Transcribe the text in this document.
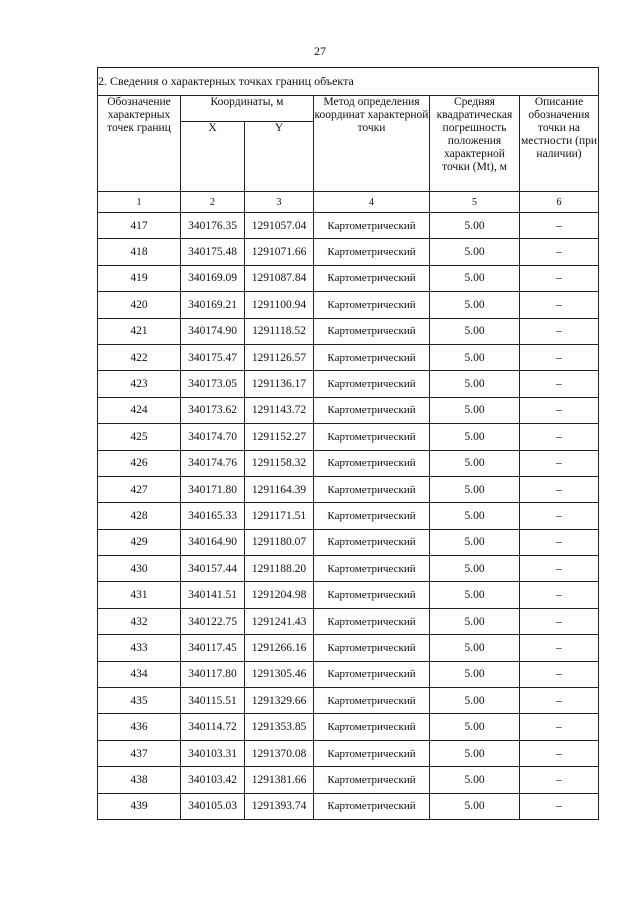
27
2. Сведения о характерных точках границ объекта					
Обозначение характерных точек границ	Координаты, м		Метод определения координат характерной точки	Средняя квадратическая погрешность положения характерной точки (Mt), м	Описание обозначения точки на местности (при наличии)
	X	Y			
1	2	3	4	5	6
417	340176.35	1291057.04	Картометрический	5.00	–
418	340175.48	1291071.66	Картометрический	5.00	–
419	340169.09	1291087.84	Картометрический	5.00	–
420	340169.21	1291100.94	Картометрический	5.00	–
421	340174.90	1291118.52	Картометрический	5.00	–
422	340175.47	1291126.57	Картометрический	5.00	–
423	340173.05	1291136.17	Картометрический	5.00	–
424	340173.62	1291143.72	Картометрический	5.00	–
425	340174.70	1291152.27	Картометрический	5.00	–
426	340174.76	1291158.32	Картометрический	5.00	–
427	340171.80	1291164.39	Картометрический	5.00	–
428	340165.33	1291171.51	Картометрический	5.00	–
429	340164.90	1291180.07	Картометрический	5.00	–
430	340157.44	1291188.20	Картометрический	5.00	–
431	340141.51	1291204.98	Картометрический	5.00	–
432	340122.75	1291241.43	Картометрический	5.00	–
433	340117.45	1291266.16	Картометрический	5.00	–
434	340117.80	1291305.46	Картометрический	5.00	–
435	340115.51	1291329.66	Картометрический	5.00	–
436	340114.72	1291353.85	Картометрический	5.00	–
437	340103.31	1291370.08	Картометрический	5.00	–
438	340103.42	1291381.66	Картометрический	5.00	–
439	340105.03	1291393.74	Картометрический	5.00	–
